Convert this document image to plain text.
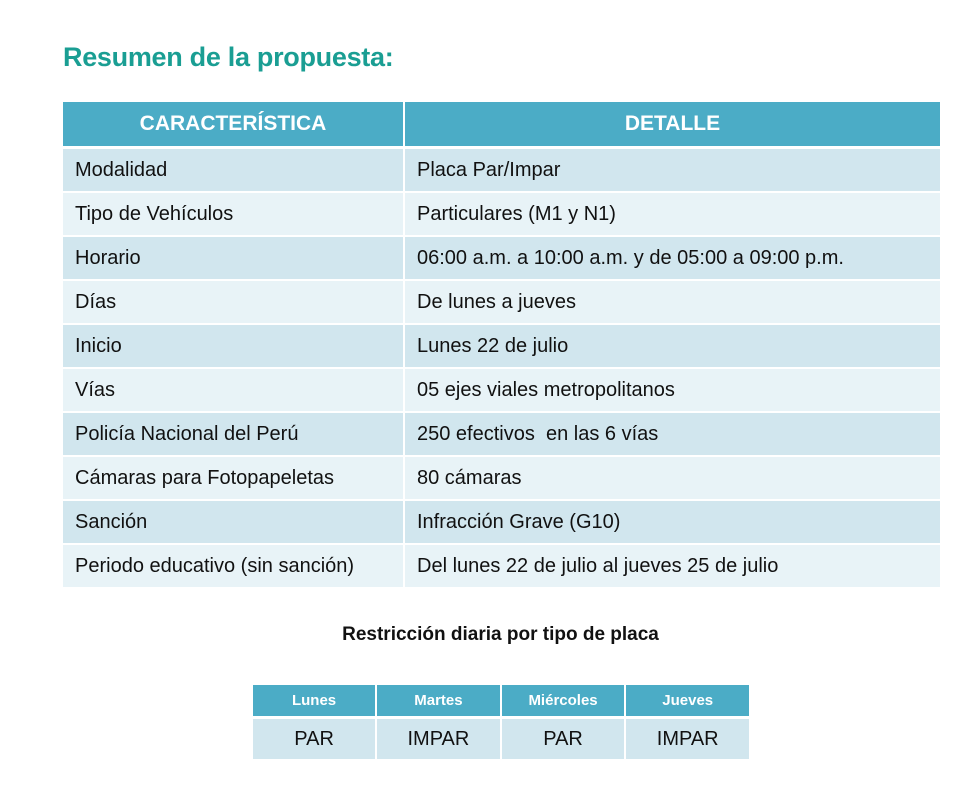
Resumen de la propuesta:
CARACTERÍSTICA	DETALLE
Modalidad	Placa Par/Impar
Tipo de Vehículos	Particulares (M1 y N1)
Horario	06:00 a.m. a 10:00 a.m. y de 05:00 a 09:00 p.m.
Días	De lunes a jueves
Inicio	Lunes 22 de julio
Vías	05 ejes viales metropolitanos
Policía Nacional del Perú	250 efectivos  en las 6 vías
Cámaras para Fotopapeletas	80 cámaras
Sanción	Infracción Grave (G10)
Periodo educativo (sin sanción)	Del lunes 22 de julio al jueves 25 de julio
Restricción diaria por tipo de placa
Lunes	Martes	Miércoles	Jueves
PAR	IMPAR	PAR	IMPAR
